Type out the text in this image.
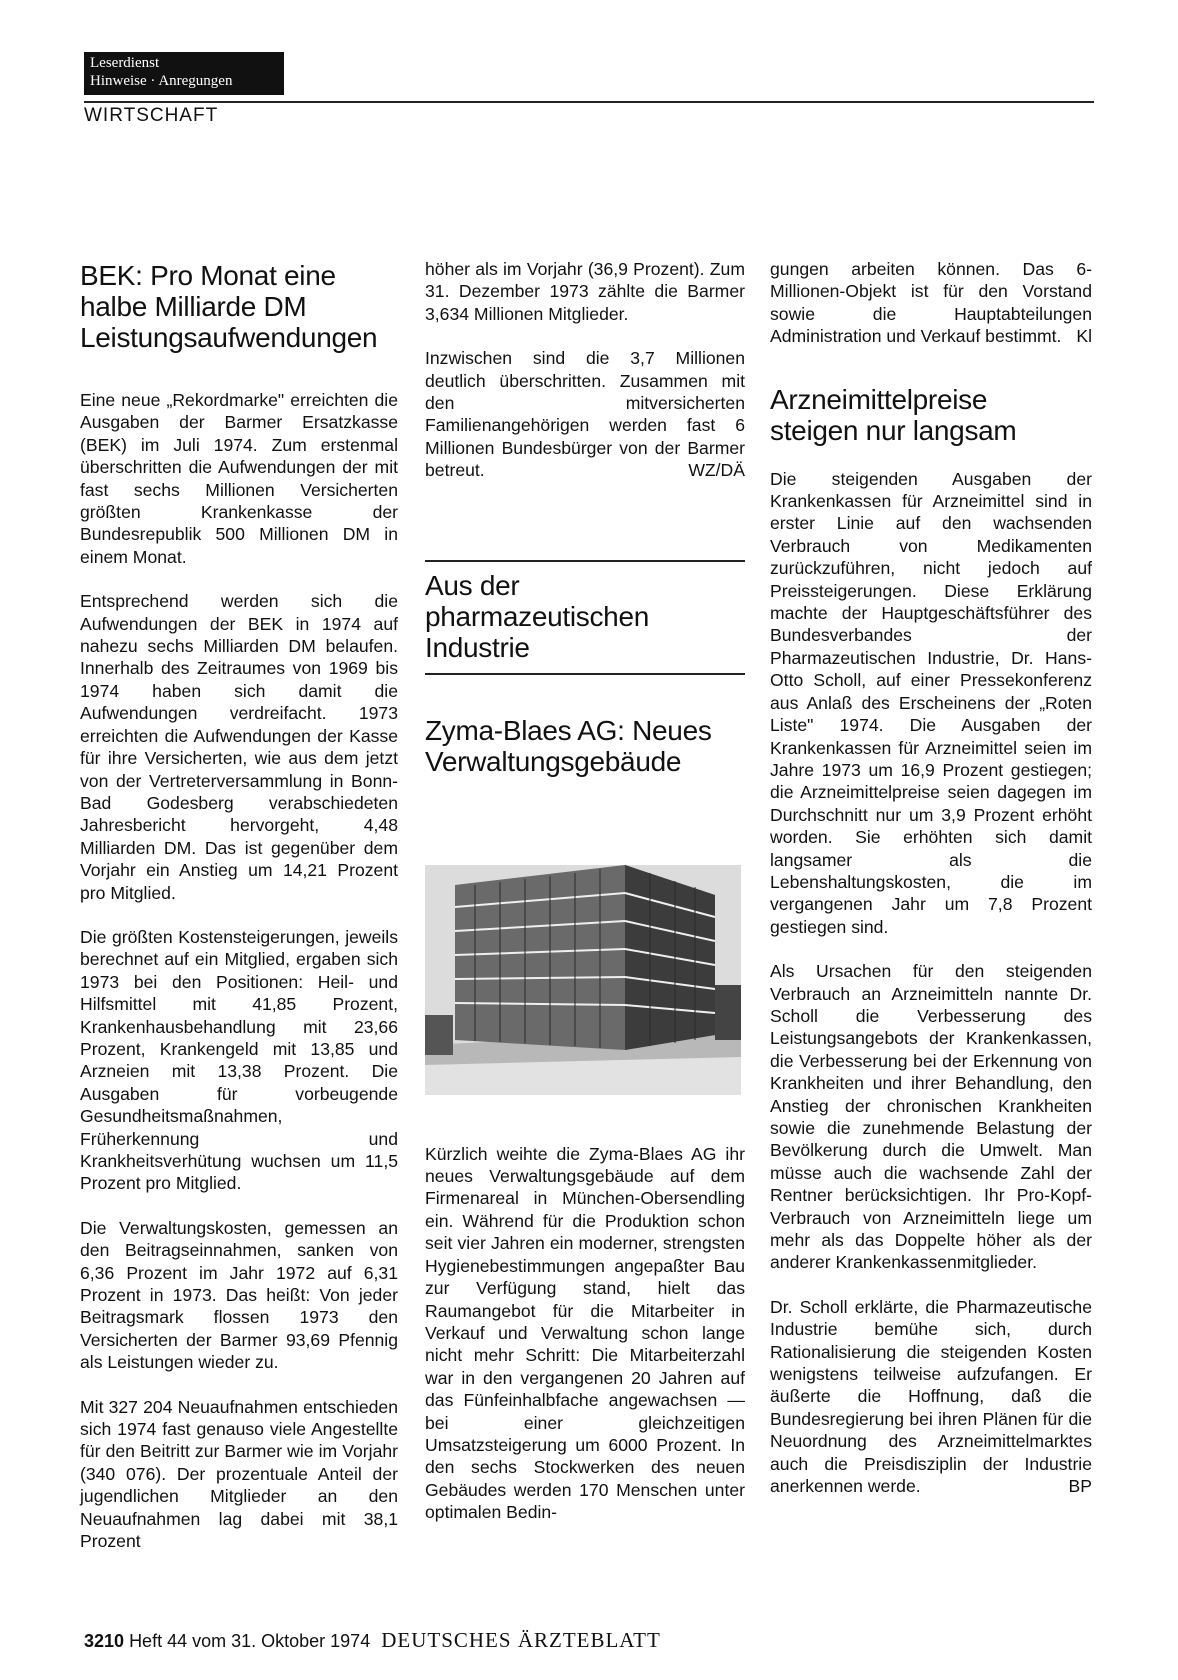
Leserdienst
Hinweise · Anregungen
WIRTSCHAFT
BEK: Pro Monat eine halbe Milliarde DM Leistungsaufwendungen

Eine neue „Rekordmarke" erreichten die Ausgaben der Barmer Ersatzkasse (BEK) im Juli 1974. Zum erstenmal überschritten die Aufwendungen der mit fast sechs Millionen Versicherten größten Krankenkasse der Bundesrepublik 500 Millionen DM in einem Monat.

Entsprechend werden sich die Aufwendungen der BEK in 1974 auf nahezu sechs Milliarden DM belaufen. Innerhalb des Zeitraumes von 1969 bis 1974 haben sich damit die Aufwendungen verdreifacht. 1973 erreichten die Aufwendungen der Kasse für ihre Versicherten, wie aus dem jetzt von der Vertreterversammlung in Bonn-Bad Godesberg verabschiedeten Jahresbericht hervorgeht, 4,48 Milliarden DM. Das ist gegenüber dem Vorjahr ein Anstieg um 14,21 Prozent pro Mitglied.

Die größten Kostensteigerungen, jeweils berechnet auf ein Mitglied, ergaben sich 1973 bei den Positionen: Heil- und Hilfsmittel mit 41,85 Prozent, Krankenhausbehandlung mit 23,66 Prozent, Krankengeld mit 13,85 und Arzneien mit 13,38 Prozent. Die Ausgaben für vorbeugende Gesundheitsmaßnahmen, Früherkennung und Krankheitsverhütung wuchsen um 11,5 Prozent pro Mitglied.

Die Verwaltungskosten, gemessen an den Beitragseinnahmen, sanken von 6,36 Prozent im Jahr 1972 auf 6,31 Prozent in 1973. Das heißt: Von jeder Beitragsmark flossen 1973 den Versicherten der Barmer 93,69 Pfennig als Leistungen wieder zu.

Mit 327 204 Neuaufnahmen entschieden sich 1974 fast genauso viele Angestellte für den Beitritt zur Barmer wie im Vorjahr (340 076). Der prozentuale Anteil der jugendlichen Mitglieder an den Neuaufnahmen lag dabei mit 38,1 Prozent

höher als im Vorjahr (36,9 Prozent). Zum 31. Dezember 1973 zählte die Barmer 3,634 Millionen Mitglieder.

Inzwischen sind die 3,7 Millionen deutlich überschritten. Zusammen mit den mitversicherten Familienangehörigen werden fast 6 Millionen Bundesbürger von der Barmer betreut.	WZ/DÄ

Aus der pharmazeutischen Industrie
Zyma-Blaes AG: Neues Verwaltungsgebäude

Kürzlich weihte die Zyma-Blaes AG ihr neues Verwaltungsgebäude auf dem Firmenareal in München-Obersendling ein. Während für die Produktion schon seit vier Jahren ein moderner, strengsten Hygienebestimmungen angepaßter Bau zur Verfügung stand, hielt das Raumangebot für die Mitarbeiter in Verkauf und Verwaltung schon lange nicht mehr Schritt: Die Mitarbeiterzahl war in den vergangenen 20 Jahren auf das Fünfeinhalbfache angewachsen — bei einer gleichzeitigen Umsatzsteigerung um 6000 Prozent. In den sechs Stockwerken des neuen Gebäudes werden 170 Menschen unter optimalen Bedin-

gungen arbeiten können. Das 6-Millionen-Objekt ist für den Vorstand sowie die Hauptabteilungen Administration und Verkauf bestimmt. Kl

Arzneimittelpreise steigen nur langsam

Die steigenden Ausgaben der Krankenkassen für Arzneimittel sind in erster Linie auf den wachsenden Verbrauch von Medikamenten zurückzuführen, nicht jedoch auf Preissteigerungen. Diese Erklärung machte der Hauptgeschäftsführer des Bundesverbandes der Pharmazeutischen Industrie, Dr. Hans-Otto Scholl, auf einer Pressekonferenz aus Anlaß des Erscheinens der „Roten Liste" 1974. Die Ausgaben der Krankenkassen für Arzneimittel seien im Jahre 1973 um 16,9 Prozent gestiegen; die Arzneimittelpreise seien dagegen im Durchschnitt nur um 3,9 Prozent erhöht worden. Sie erhöhten sich damit langsamer als die Lebenshaltungskosten, die im vergangenen Jahr um 7,8 Prozent gestiegen sind.

Als Ursachen für den steigenden Verbrauch an Arzneimitteln nannte Dr. Scholl die Verbesserung des Leistungsangebots der Krankenkassen, die Verbesserung bei der Erkennung von Krankheiten und ihrer Behandlung, den Anstieg der chronischen Krankheiten sowie die zunehmende Belastung der Bevölkerung durch die Umwelt. Man müsse auch die wachsende Zahl der Rentner berücksichtigen. Ihr Pro-Kopf-Verbrauch von Arzneimitteln liege um mehr als das Doppelte höher als der anderer Krankenkassenmitglieder.

Dr. Scholl erklärte, die Pharmazeutische Industrie bemühe sich, durch Rationalisierung die steigenden Kosten wenigstens teilweise aufzufangen. Er äußerte die Hoffnung, daß die Bundesregierung bei ihren Plänen für die Neuordnung des Arzneimittelmarktes auch die Preisdisziplin der Industrie anerkennen werde.	BP

3210 Heft 44 vom 31. Oktober 1974 DEUTSCHES ÄRZTEBLATT
